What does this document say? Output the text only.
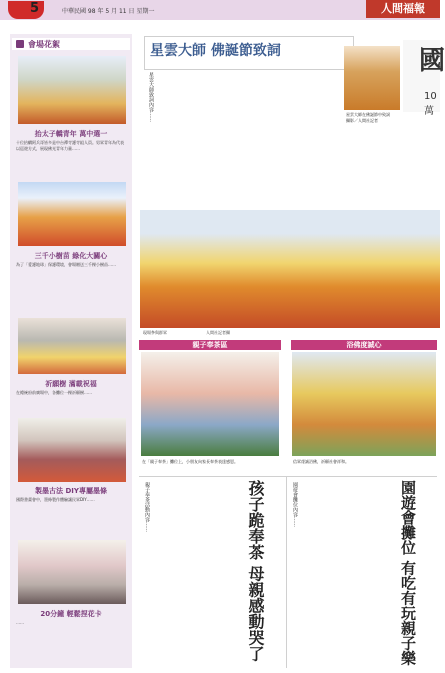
5	中華民國 98 年 5 月 11 日 星期一	人間福報
會場花絮
抬太子轎青年 萬中選一
十位抬轎阿兵哥皆多是中台禪寺護寺組人員。男眾青年為代表以巡遊方式，展現佛光青年力量……
三千小樹苗 綠化大關心
為了「愛護地球」保護環境，會場贈送三千棵小樹苗……
祈願樹 滿載祝福
在總統府前廣場中，各攤位一棵祈願樹……
製墨古法 DIY專屬墨條
國際書畫會中，墨條製作體驗讓民眾DIY……
20分鐘 輕鬆捏花卡
……
星雲大師 佛誕節致詞
星雲大師致詞內容……	星雲大師在佛誕節中致詞
攝影／人間社記者
國
10萬
現場參與群眾	人間社記者攝
親子奉茶區
在「親子奉茶」攤位上，小朋友向家長奉茶表達感恩。
浴佛度誠心
信眾虔誠浴佛，祈願社會祥和。
孩子跪奉茶 母親感動哭了
親子奉茶活動內容……	園遊會攤位 有吃有玩親子樂
園遊會攤位內容……
